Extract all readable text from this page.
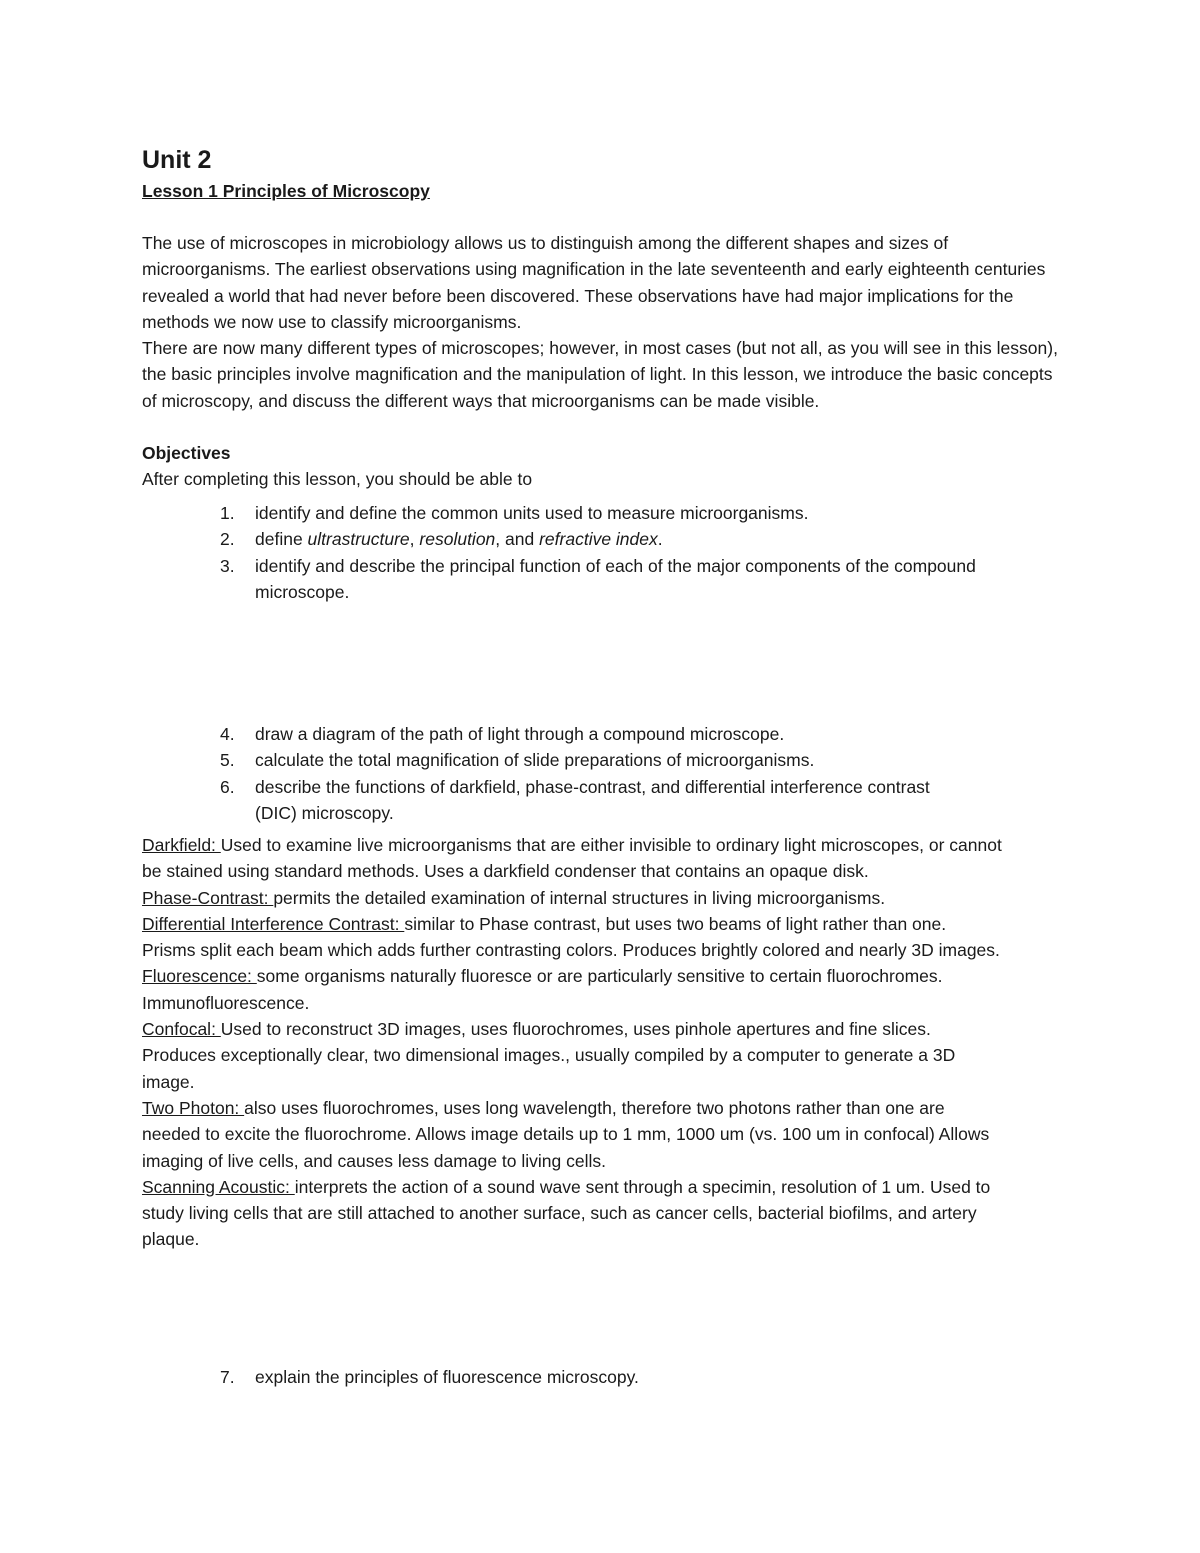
Unit 2
Lesson 1 Principles of Microscopy

The use of microscopes in microbiology allows us to distinguish among the different shapes and sizes of microorganisms. The earliest observations using magnification in the late seventeenth and early eighteenth centuries revealed a world that had never before been discovered. These observations have had major implications for the methods we now use to classify microorganisms.

There are now many different types of microscopes; however, in most cases (but not all, as you will see in this lesson), the basic principles involve magnification and the manipulation of light. In this lesson, we introduce the basic concepts of microscopy, and discuss the different ways that microorganisms can be made visible.

Objectives

After completing this lesson, you should be able to

1. identify and define the common units used to measure microorganisms.
2. define ultrastructure, resolution, and refractive index.
3. identify and describe the principal function of each of the major components of the compound microscope.
4. draw a diagram of the path of light through a compound microscope.
5. calculate the total magnification of slide preparations of microorganisms.
6. describe the functions of darkfield, phase-contrast, and differential interference contrast (DIC) microscopy.

Darkfield: Used to examine live microorganisms that are either invisible to ordinary light microscopes, or cannot be stained using standard methods. Uses a darkfield condenser that contains an opaque disk.

Phase-Contrast: permits the detailed examination of internal structures in living microorganisms.

Differential Interference Contrast: similar to Phase contrast, but uses two beams of light rather than one. Prisms split each beam which adds further contrasting colors. Produces brightly colored and nearly 3D images.

Fluorescence: some organisms naturally fluoresce or are particularly sensitive to certain fluorochromes. Immunofluorescence.

Confocal: Used to reconstruct 3D images, uses fluorochromes, uses pinhole apertures and fine slices. Produces exceptionally clear, two dimensional images., usually compiled by a computer to generate a 3D image.

Two Photon: also uses fluorochromes, uses long wavelength, therefore two photons rather than one are needed to excite the fluorochrome. Allows image details up to 1 mm, 1000 um (vs. 100 um in confocal) Allows imaging of live cells, and causes less damage to living cells.

Scanning Acoustic: interprets the action of a sound wave sent through a specimin, resolution of 1 um. Used to study living cells that are still attached to another surface, such as cancer cells, bacterial biofilms, and artery plaque.

7. explain the principles of fluorescence microscopy.
